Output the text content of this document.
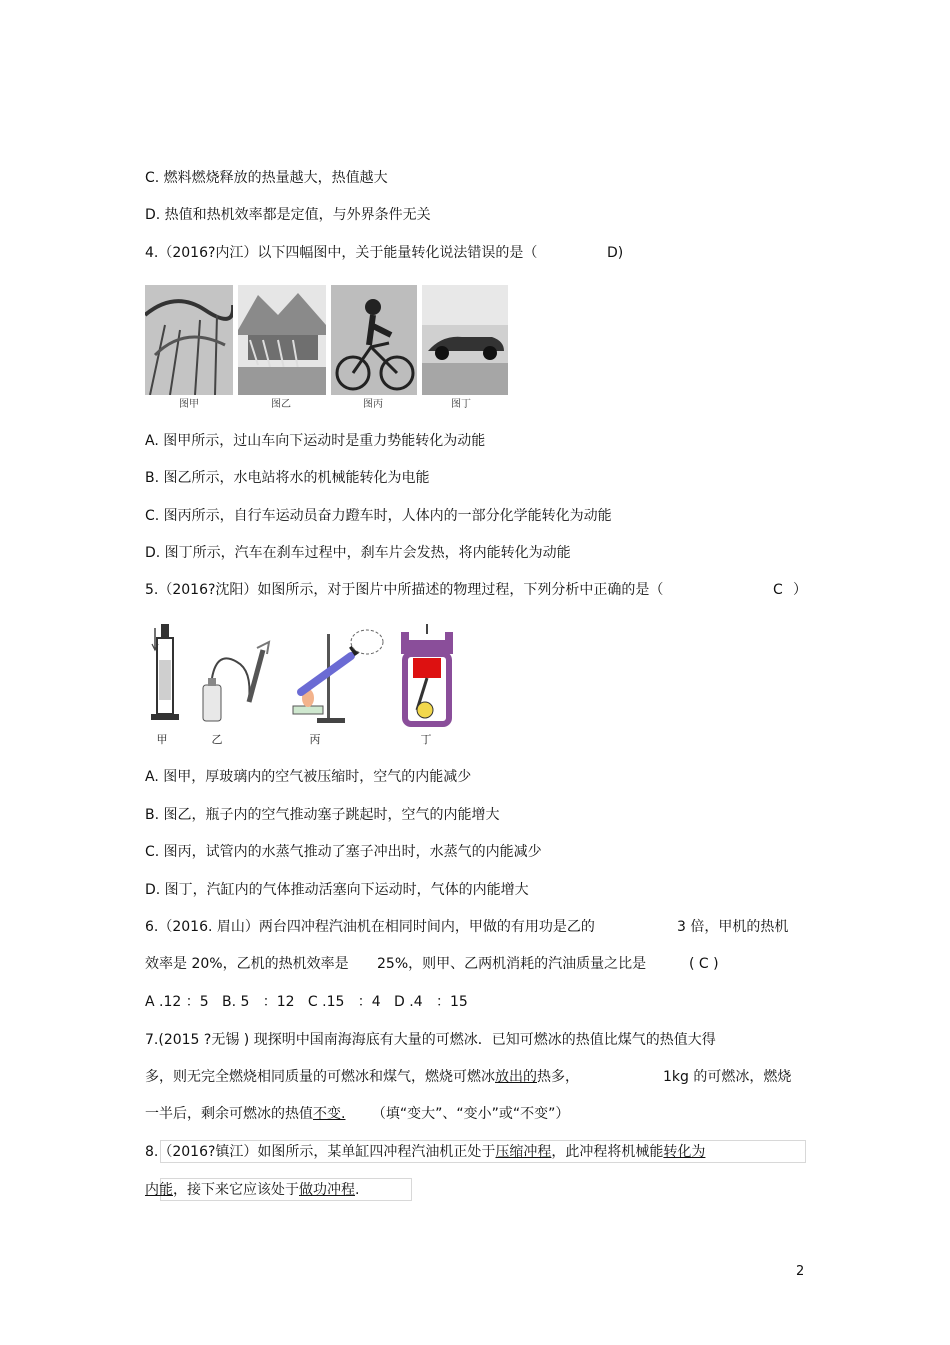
C. 燃料燃烧释放的热量越大，热值越大
D. 热值和热机效率都是定值，与外界条件无关
4.（2016?内江）以下四幅图中，关于能量转化说法错误的是（	D)
图甲	图乙	图丙	图丁
A. 图甲所示，过山车向下运动时是重力势能转化为动能
B. 图乙所示，水电站将水的机械能转化为电能
C. 图丙所示，自行车运动员奋力蹬车时，人体内的一部分化学能转化为动能
D. 图丁所示，汽车在刹车过程中，刹车片会发热，将内能转化为动能
5.（2016?沈阳）如图所示，对于图片中所描述的物理过程，下列分析中正确的是（	C ）
甲	乙	丙	丁
A. 图甲，厚玻璃内的空气被压缩时，空气的内能减少
B. 图乙，瓶子内的空气推动塞子跳起时，空气的内能增大
C. 图丙，试管内的水蒸气推动了塞子冲出时，水蒸气的内能减少
D. 图丁，汽缸内的气体推动活塞向下运动时，气体的内能增大
6.（2016. 眉山）两台四冲程汽油机在相同时间内，甲做的有用功是乙的	3 倍，甲机的热机
效率是 20%，乙机的热机效率是 25%，则甲、乙两机消耗的汽油质量之比是	( C )
A .12 ：5   B. 5   ：12   C .15   ：4   D .4   ：15
7.(2015 ?无锡 ) 现探明中国南海海底有大量的可燃冰．已知可燃冰的热值比煤气的热值大得
多，则无完全燃烧相同质量的可燃冰和煤气，燃烧可燃冰放出的热多，	1kg 的可燃冰，燃烧
一半后，剩余可燃冰的热值不变. （填“变大”、“变小”或“不变”）
8.（2016?镇江）如图所示，某单缸四冲程汽油机正处于压缩冲程，此冲程将机械能转化为
内能，接下来它应该处于做功冲程.
2
